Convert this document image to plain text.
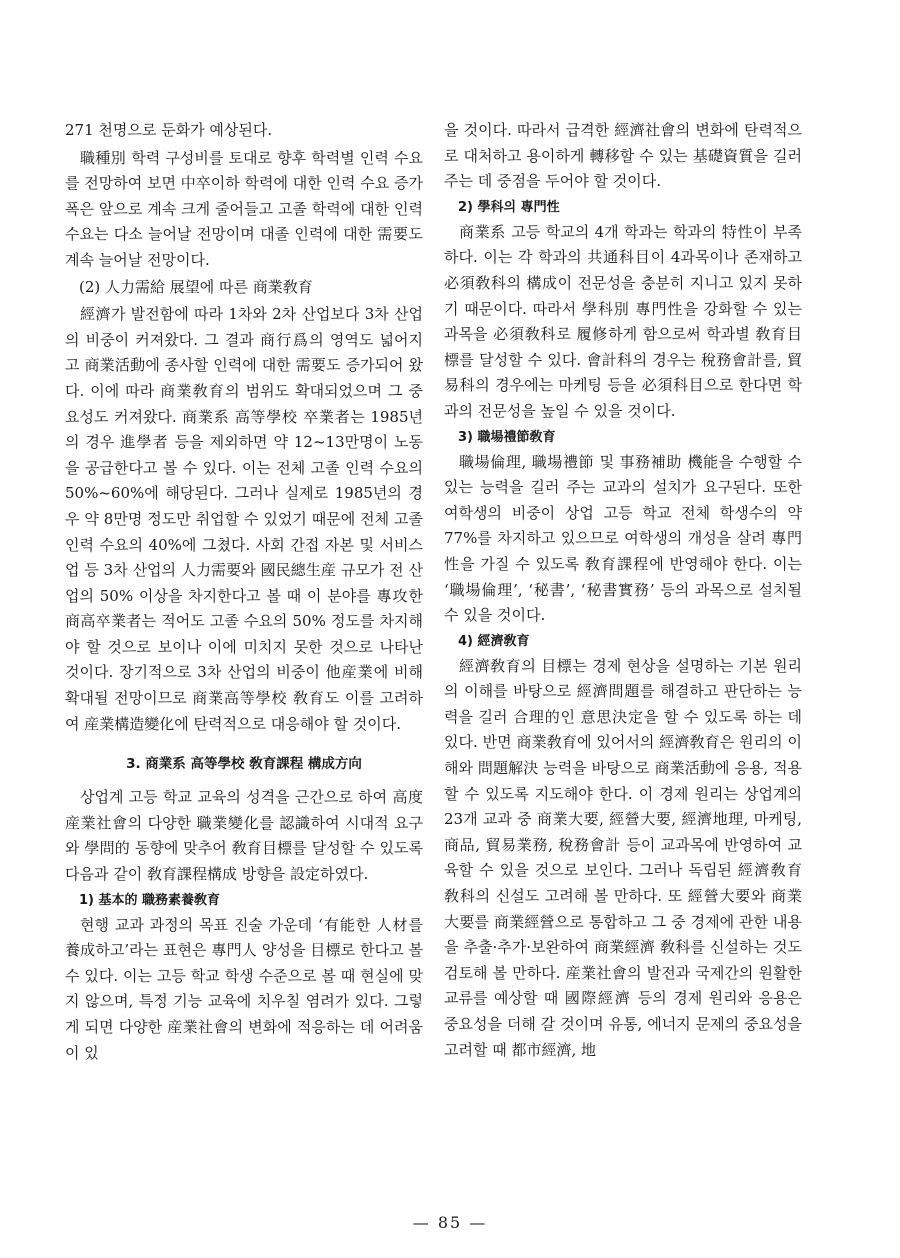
271 천명으로 둔화가 예상된다.

職種別 학력 구성비를 토대로 향후 학력별 인력 수요를 전망하여 보면 中卒이하 학력에 대한 인력 수요 증가폭은 앞으로 계속 크게 줄어들고 고졸 학력에 대한 인력 수요는 다소 늘어날 전망이며 대졸 인력에 대한 需要도 계속 늘어날 전망이다.

(2) 人力需給 展望에 따른 商業敎育

經濟가 발전함에 따라 1차와 2차 산업보다 3차 산업의 비중이 커져왔다. 그 결과 商行爲의 영역도 넓어지고 商業活動에 종사할 인력에 대한 需要도 증가되어 왔다. 이에 따라 商業敎育의 범위도 확대되었으며 그 중요성도 커져왔다. 商業系 高等學校 卒業者는 1985년의 경우 進學者 등을 제외하면 약 12~13만명이 노동을 공급한다고 볼 수 있다. 이는 전체 고졸 인력 수요의 50%~60%에 해당된다. 그러나 실제로 1985년의 경우 약 8만명 정도만 취업할 수 있었기 때문에 전체 고졸 인력 수요의 40%에 그쳤다. 사회 간접 자본 및 서비스업 등 3차 산업의 人力需要와 國民總生産 규모가 전 산업의 50% 이상을 차지한다고 볼 때 이 분야를 專攻한 商高卒業者는 적어도 고졸 수요의 50% 정도를 차지해야 할 것으로 보이나 이에 미치지 못한 것으로 나타난 것이다. 장기적으로 3차 산업의 비중이 他産業에 비해 확대될 전망이므로 商業高等學校 敎育도 이를 고려하여 産業構造變化에 탄력적으로 대응해야 할 것이다.

3. 商業系 高等學校 敎育課程 構成方向

상업계 고등 학교 교육의 성격을 근간으로 하여 高度産業社會의 다양한 職業變化를 認識하여 시대적 요구와 學問的 동향에 맞추어 敎育目標를 달성할 수 있도록 다음과 같이 敎育課程構成 방향을 設定하였다.

1) 基本的 職務素養敎育

현행 교과 과정의 목표 진술 가운데 ‘有能한 人材를 養成하고’라는 표현은 專門人 양성을 目標로 한다고 볼 수 있다. 이는 고등 학교 학생 수준으로 볼 때 현실에 맞지 않으며, 특정 기능 교육에 치우칠 염려가 있다. 그렇게 되면 다양한 産業社會의 변화에 적응하는 데 어려움이 있

을 것이다. 따라서 급격한 經濟社會의 변화에 탄력적으로 대처하고 용이하게 轉移할 수 있는 基礎資質을 길러 주는 데 중점을 두어야 할 것이다.

2) 學科의 專門性

商業系 고등 학교의 4개 학과는 학과의 特性이 부족하다. 이는 각 학과의 共通科目이 4과목이나 존재하고 必須敎科의 構成이 전문성을 충분히 지니고 있지 못하기 때문이다. 따라서 學科別 專門性을 강화할 수 있는 과목을 必須敎科로 履修하게 함으로써 학과별 敎育目標를 달성할 수 있다. 會計科의 경우는 稅務會計를, 貿易科의 경우에는 마케팅 등을 必須科目으로 한다면 학과의 전문성을 높일 수 있을 것이다.

3) 職場禮節敎育

職場倫理, 職場禮節 및 事務補助 機能을 수행할 수 있는 능력을 길러 주는 교과의 설치가 요구된다. 또한 여학생의 비중이 상업 고등 학교 전체 학생수의 약 77%를 차지하고 있으므로 여학생의 개성을 살려 專門性을 가질 수 있도록 敎育課程에 반영해야 한다. 이는 ‘職場倫理’, ‘秘書’, ‘秘書實務’ 등의 과목으로 설치될 수 있을 것이다.

4) 經濟敎育

經濟敎育의 目標는 경제 현상을 설명하는 기본 원리의 이해를 바탕으로 經濟問題를 해결하고 판단하는 능력을 길러 合理的인 意思決定을 할 수 있도록 하는 데 있다. 반면 商業敎育에 있어서의 經濟敎育은 원리의 이해와 問題解決 능력을 바탕으로 商業活動에 응용, 적용할 수 있도록 지도해야 한다. 이 경제 원리는 상업계의 23개 교과 중 商業大要, 經營大要, 經濟地理, 마케팅, 商品, 貿易業務, 稅務會計 등이 교과목에 반영하여 교육할 수 있을 것으로 보인다. 그러나 독립된 經濟敎育 敎科의 신설도 고려해 볼 만하다. 또 經營大要와 商業大要를 商業經營으로 통합하고 그 중 경제에 관한 내용을 추출·추가·보완하여 商業經濟 敎科를 신설하는 것도 검토해 볼 만하다. 産業社會의 발전과 국제간의 원활한 교류를 예상할 때 國際經濟 등의 경제 원리와 응용은 중요성을 더해 갈 것이며 유통, 에너지 문제의 중요성을 고려할 때 都市經濟, 地

— 85 —
